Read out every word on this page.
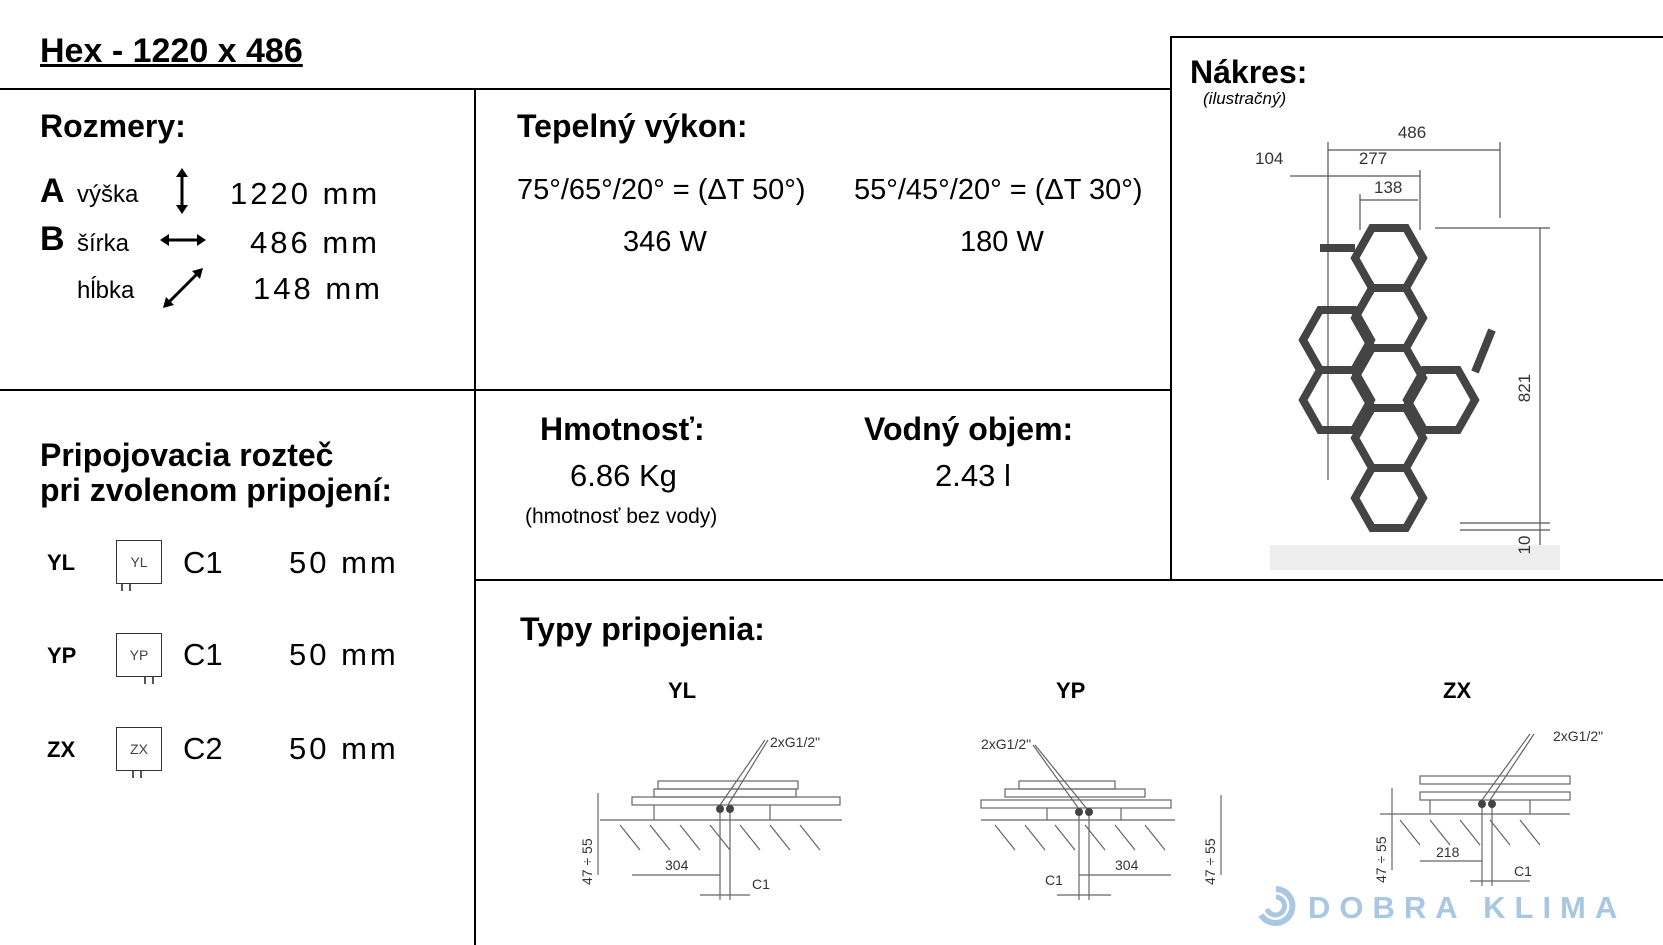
Hex - 1220 x 486
Rozmery:
A výška	1220 mm
B šírka	486 mm
hĺbka	148 mm
Tepelný výkon:
75°/65°/20° = (ΔT 50°)
346 W
55°/45°/20° = (ΔT 30°)
180 W
Nákres:
(ilustračný)
486
277
104
138
821
10
Pripojovacia rozteč
pri zvolenom pripojení:
YL	YL	C1 50 mm
YP	YP	C1 50 mm
ZX	ZX	C2 50 mm
Hmotnosť:
6.86 Kg
(hmotnosť bez vody)
Vodný objem:
2.43 l
Typy pripojenia:
YL	YP	ZX
2xG1/2"
47 ÷ 55	304
C1
2xG1/2"
47 ÷ 55
304
C1
2xG1/2"
47 ÷ 55	218
C1
DOBRA KLIMA
